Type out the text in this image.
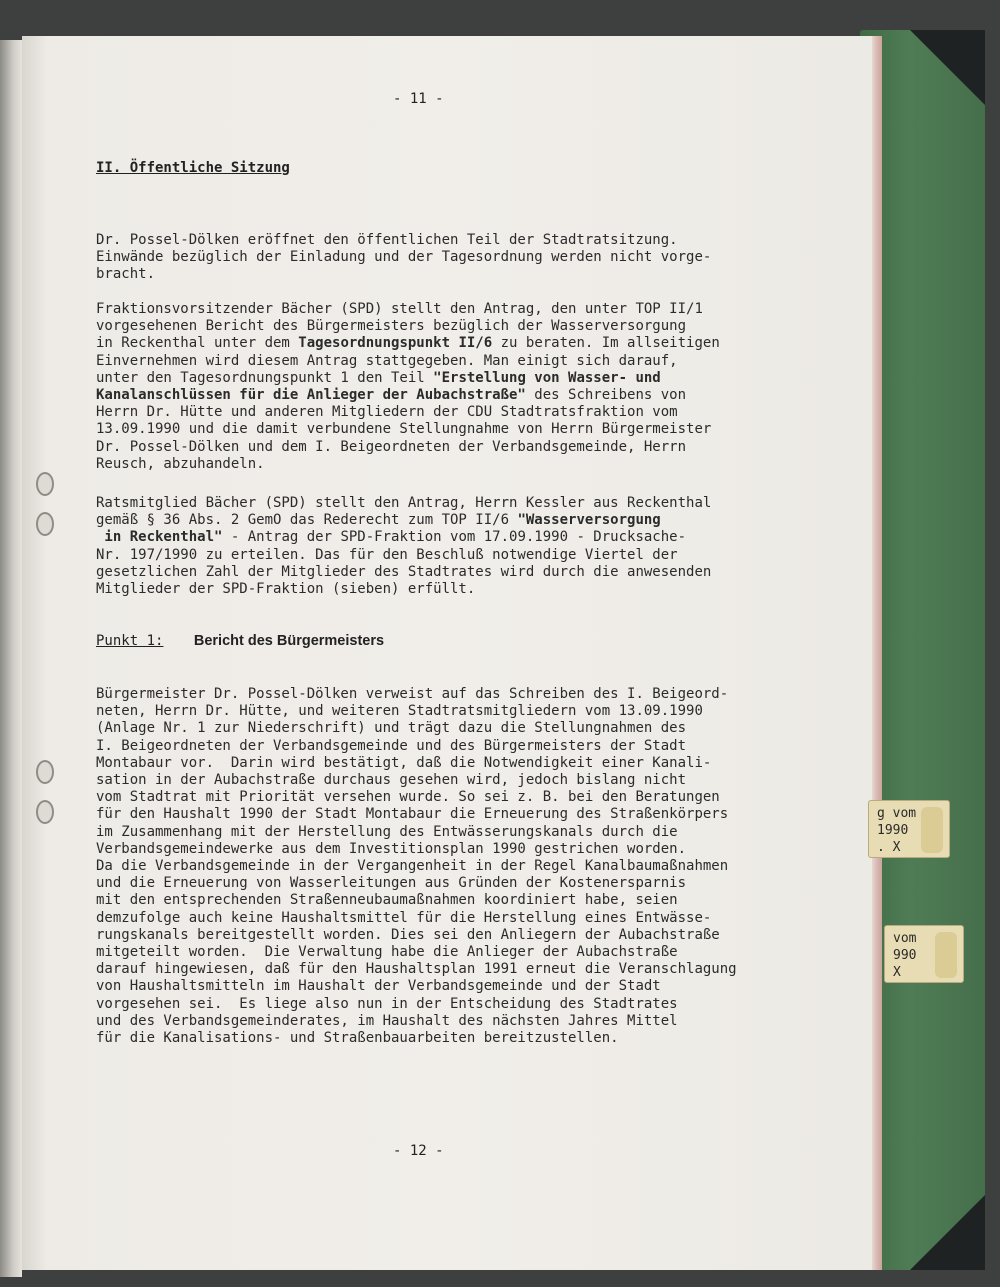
g vom
1990
. X
vom
990
X
- 11 -
II. Öffentliche Sitzung
Dr. Possel-Dölken eröffnet den öffentlichen Teil der Stadtratsitzung.
Einwände bezüglich der Einladung und der Tagesordnung werden nicht vorge-
bracht.
Fraktionsvorsitzender Bächer (SPD) stellt den Antrag, den unter TOP II/1
vorgesehenen Bericht des Bürgermeisters bezüglich der Wasserversorgung
in Reckenthal unter dem Tagesordnungspunkt II/6 zu beraten. Im allseitigen
Einvernehmen wird diesem Antrag stattgegeben. Man einigt sich darauf,
unter den Tagesordnungspunkt 1 den Teil "Erstellung von Wasser- und
Kanalanschlüssen für die Anlieger der Aubachstraße" des Schreibens von
Herrn Dr. Hütte und anderen Mitgliedern der CDU Stadtratsfraktion vom
13.09.1990 und die damit verbundene Stellungnahme von Herrn Bürgermeister
Dr. Possel-Dölken und dem I. Beigeordneten der Verbandsgemeinde, Herrn
Reusch, abzuhandeln.
Ratsmitglied Bächer (SPD) stellt den Antrag, Herrn Kessler aus Reckenthal
gemäß § 36 Abs. 2 GemO das Rederecht zum TOP II/6 "Wasserversorgung
in Reckenthal" - Antrag der SPD-Fraktion vom 17.09.1990 - Drucksache-
Nr. 197/1990 zu erteilen. Das für den Beschluß notwendige Viertel der
gesetzlichen Zahl der Mitglieder des Stadtrates wird durch die anwesenden
Mitglieder der SPD-Fraktion (sieben) erfüllt.
Punkt 1: Bericht des Bürgermeisters
Bürgermeister Dr. Possel-Dölken verweist auf das Schreiben des I. Beigeord-
neten, Herrn Dr. Hütte, und weiteren Stadtratsmitgliedern vom 13.09.1990
(Anlage Nr. 1 zur Niederschrift) und trägt dazu die Stellungnahmen des
I. Beigeordneten der Verbandsgemeinde und des Bürgermeisters der Stadt
Montabaur vor.  Darin wird bestätigt, daß die Notwendigkeit einer Kanali-
sation in der Aubachstraße durchaus gesehen wird, jedoch bislang nicht
vom Stadtrat mit Priorität versehen wurde. So sei z. B. bei den Beratungen
für den Haushalt 1990 der Stadt Montabaur die Erneuerung des Straßenkörpers
im Zusammenhang mit der Herstellung des Entwässerungskanals durch die
Verbandsgemeindewerke aus dem Investitionsplan 1990 gestrichen worden.
Da die Verbandsgemeinde in der Vergangenheit in der Regel Kanalbaumaßnahmen
und die Erneuerung von Wasserleitungen aus Gründen der Kostenersparnis
mit den entsprechenden Straßenneubaumaßnahmen koordiniert habe, seien
demzufolge auch keine Haushaltsmittel für die Herstellung eines Entwässe-
rungskanals bereitgestellt worden. Dies sei den Anliegern der Aubachstraße
mitgeteilt worden.  Die Verwaltung habe die Anlieger der Aubachstraße
darauf hingewiesen, daß für den Haushaltsplan 1991 erneut die Veranschlagung
von Haushaltsmitteln im Haushalt der Verbandsgemeinde und der Stadt
vorgesehen sei.  Es liege also nun in der Entscheidung des Stadtrates
und des Verbandsgemeinderates, im Haushalt des nächsten Jahres Mittel
für die Kanalisations- und Straßenbauarbeiten bereitzustellen.
- 12 -
